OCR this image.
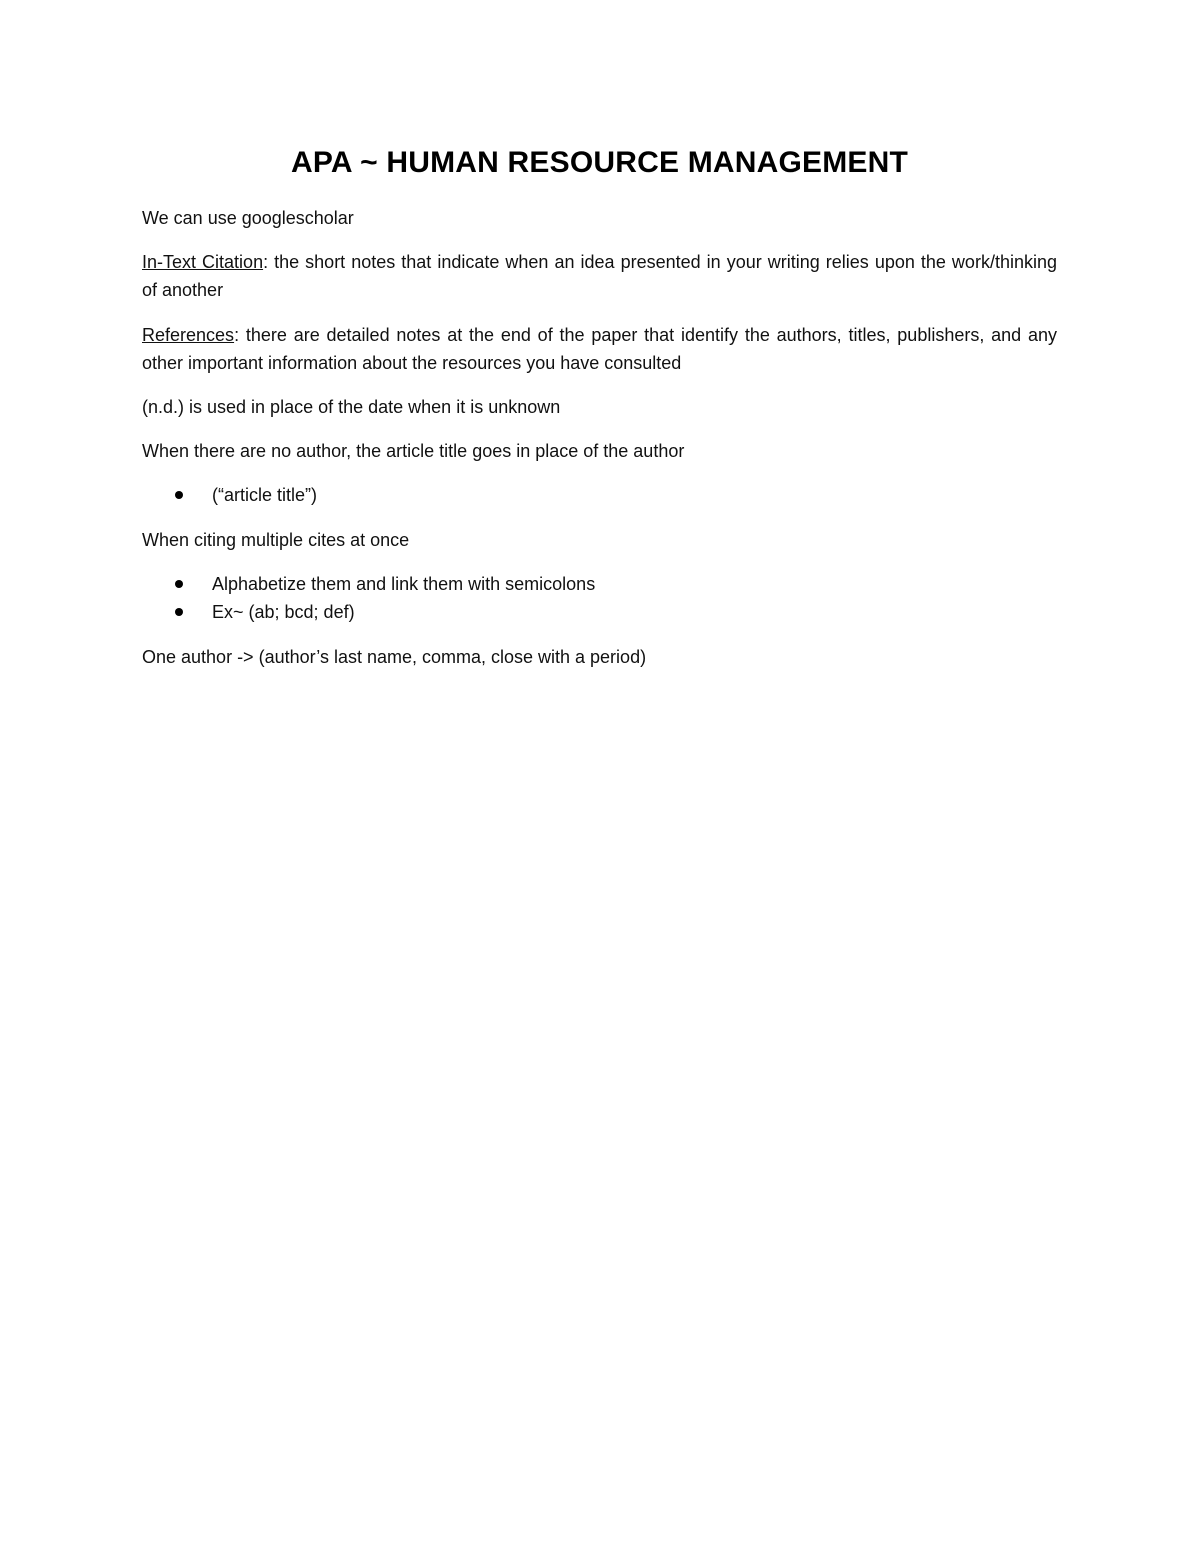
APA ~ HUMAN RESOURCE MANAGEMENT

We can use googlescholar

In-Text Citation: the short notes that indicate when an idea presented in your writing relies upon the work/thinking of another

References: there are detailed notes at the end of the paper that identify the authors, titles, publishers, and any other important information about the resources you have consulted

(n.d.) is used in place of the date when it is unknown

When there are no author, the article title goes in place of the author

(“article title”)

When citing multiple cites at once

Alphabetize them and link them with semicolons
Ex~ (ab; bcd; def)

One author -> (author’s last name, comma, close with a period)
